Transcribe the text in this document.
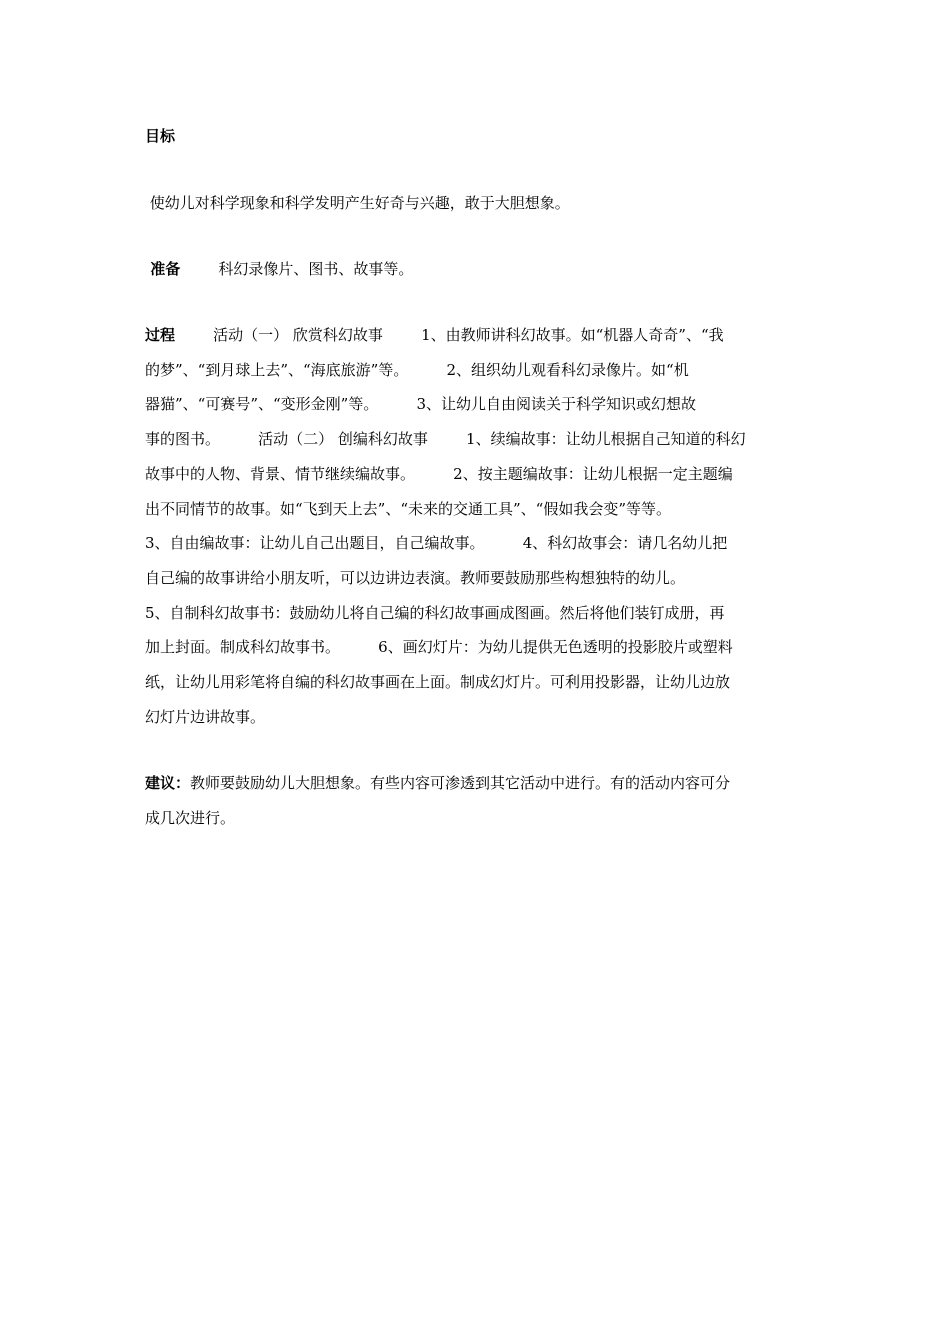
目标
使幼儿对科学现象和科学发明产生好奇与兴趣，敢于大胆想象。
准备        科幻录像片、图书、故事等。
过程        活动（一） 欣赏科幻故事        1、由教师讲科幻故事。如“机器人奇奇”、“我
的梦”、“到月球上去”、“海底旅游”等。        2、组织幼儿观看科幻录像片。如“机
器猫”、“可赛号”、“变形金刚”等。        3、让幼儿自由阅读关于科学知识或幻想故
事的图书。        活动（二） 创编科幻故事        1、续编故事：让幼儿根据自己知道的科幻
故事中的人物、背景、情节继续编故事。        2、按主题编故事：让幼儿根据一定主题编
出不同情节的故事。如“飞到天上去”、“未来的交通工具”、“假如我会变”等等。
3、自由编故事：让幼儿自己出题目，自己编故事。        4、科幻故事会：请几名幼儿把
自己编的故事讲给小朋友听，可以边讲边表演。教师要鼓励那些构想独特的幼儿。
5、自制科幻故事书：鼓励幼儿将自己编的科幻故事画成图画。然后将他们装钉成册，再
加上封面。制成科幻故事书。        6、画幻灯片：为幼儿提供无色透明的投影胶片或塑料
纸，让幼儿用彩笔将自编的科幻故事画在上面。制成幻灯片。可利用投影器，让幼儿边放
幻灯片边讲故事。
建议：教师要鼓励幼儿大胆想象。有些内容可渗透到其它活动中进行。有的活动内容可分
成几次进行。
